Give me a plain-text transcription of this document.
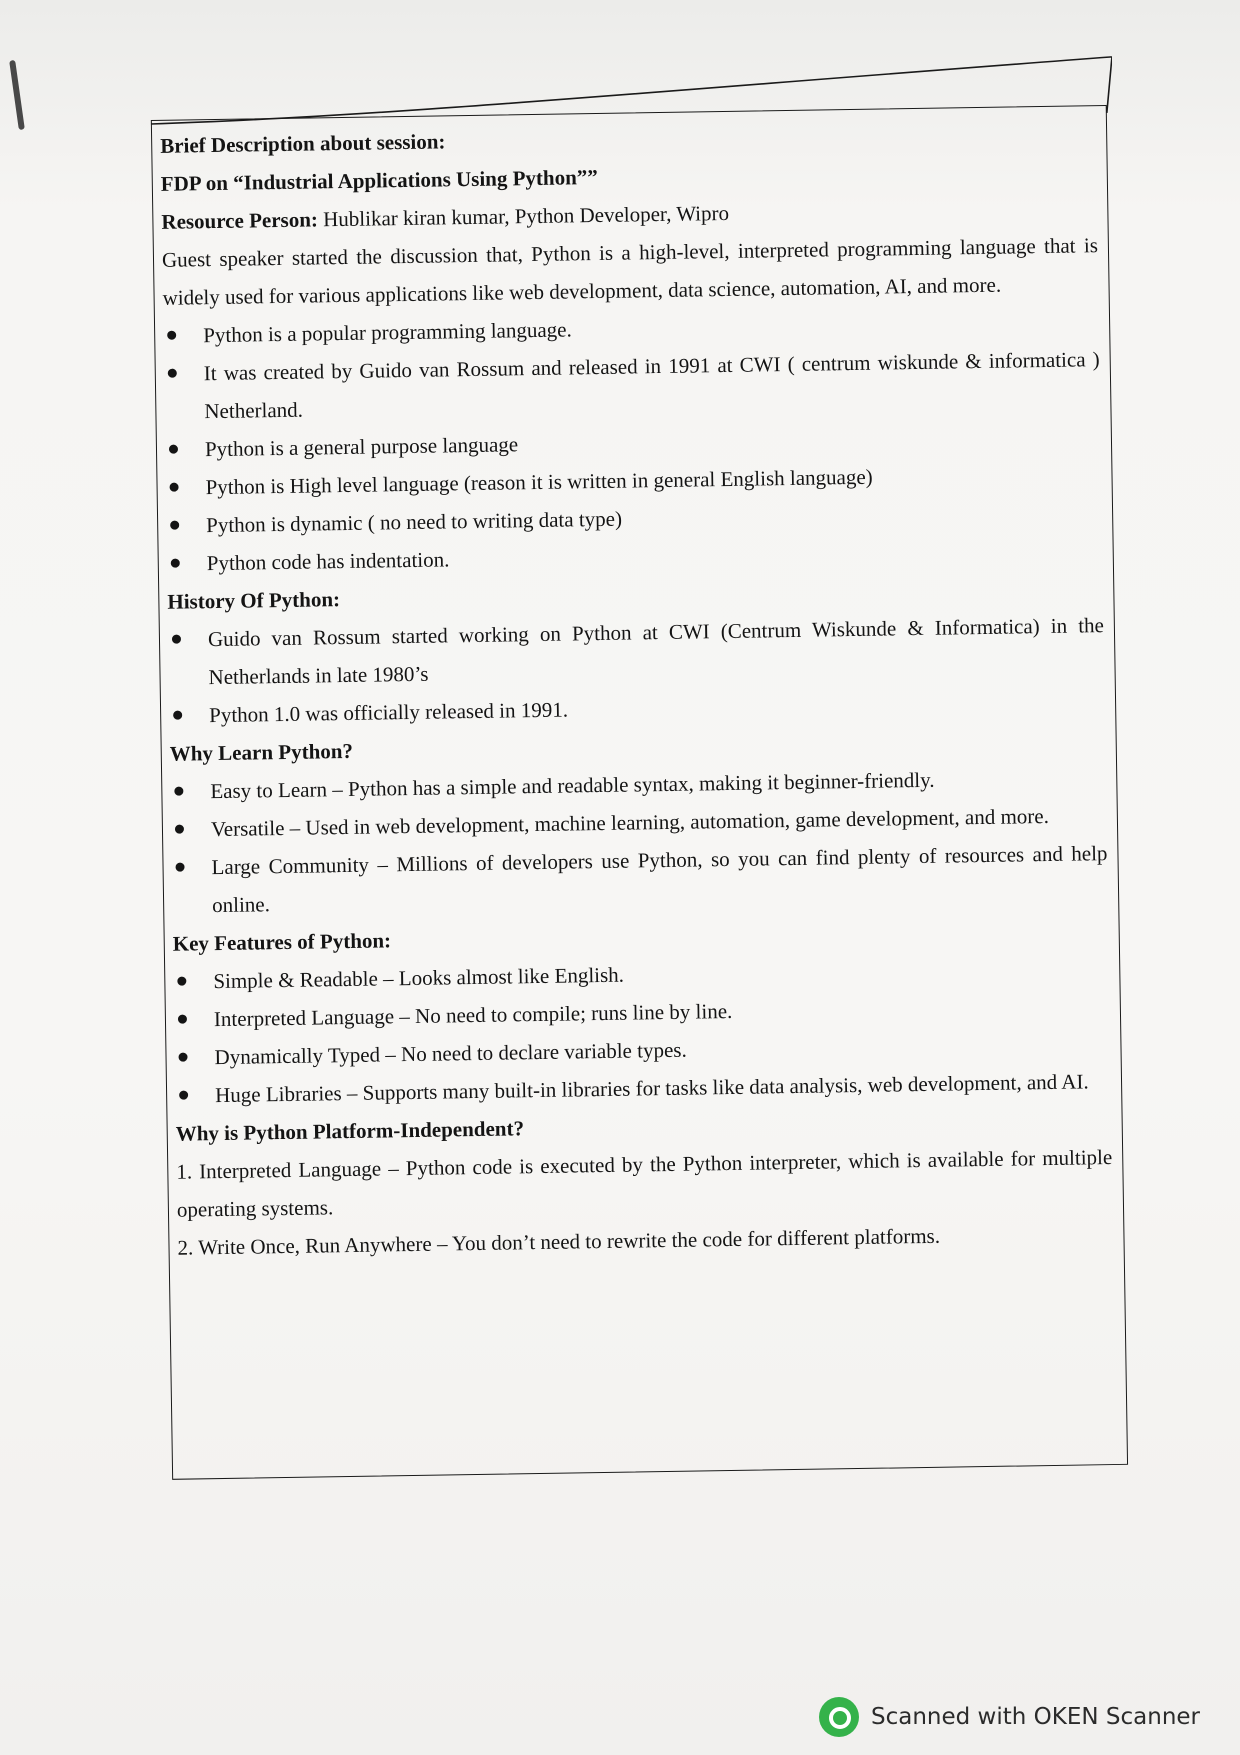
Brief Description about session:

FDP on “Industrial Applications Using Python””

Resource Person: Hublikar kiran kumar, Python Developer, Wipro

Guest speaker started the discussion that, Python is a high-level, interpreted programming language that is widely used for various applications like web development, data science, automation, AI, and more.

Python is a popular programming language.
It was created by Guido van Rossum and released in 1991 at CWI ( centrum wiskunde & informatica ) Netherland.
Python is a general purpose language
Python is High level language (reason it is written in general English language)
Python is dynamic ( no need to writing data type)
Python code has indentation.

History Of Python:

Guido van Rossum started working on Python at CWI (Centrum Wiskunde & Informatica) in the Netherlands in late 1980’s
Python 1.0 was officially released in 1991.

Why Learn Python?

Easy to Learn – Python has a simple and readable syntax, making it beginner-friendly.
Versatile – Used in web development, machine learning, automation, game development, and more.
Large Community – Millions of developers use Python, so you can find plenty of resources and help online.

Key Features of Python:

Simple & Readable – Looks almost like English.
Interpreted Language – No need to compile; runs line by line.
Dynamically Typed – No need to declare variable types.
Huge Libraries – Supports many built-in libraries for tasks like data analysis, web development, and AI.

Why is Python Platform-Independent?

1. Interpreted Language – Python code is executed by the Python interpreter, which is available for multiple operating systems.

2. Write Once, Run Anywhere – You don’t need to rewrite the code for different platforms.

Scanned with OKEN Scanner
